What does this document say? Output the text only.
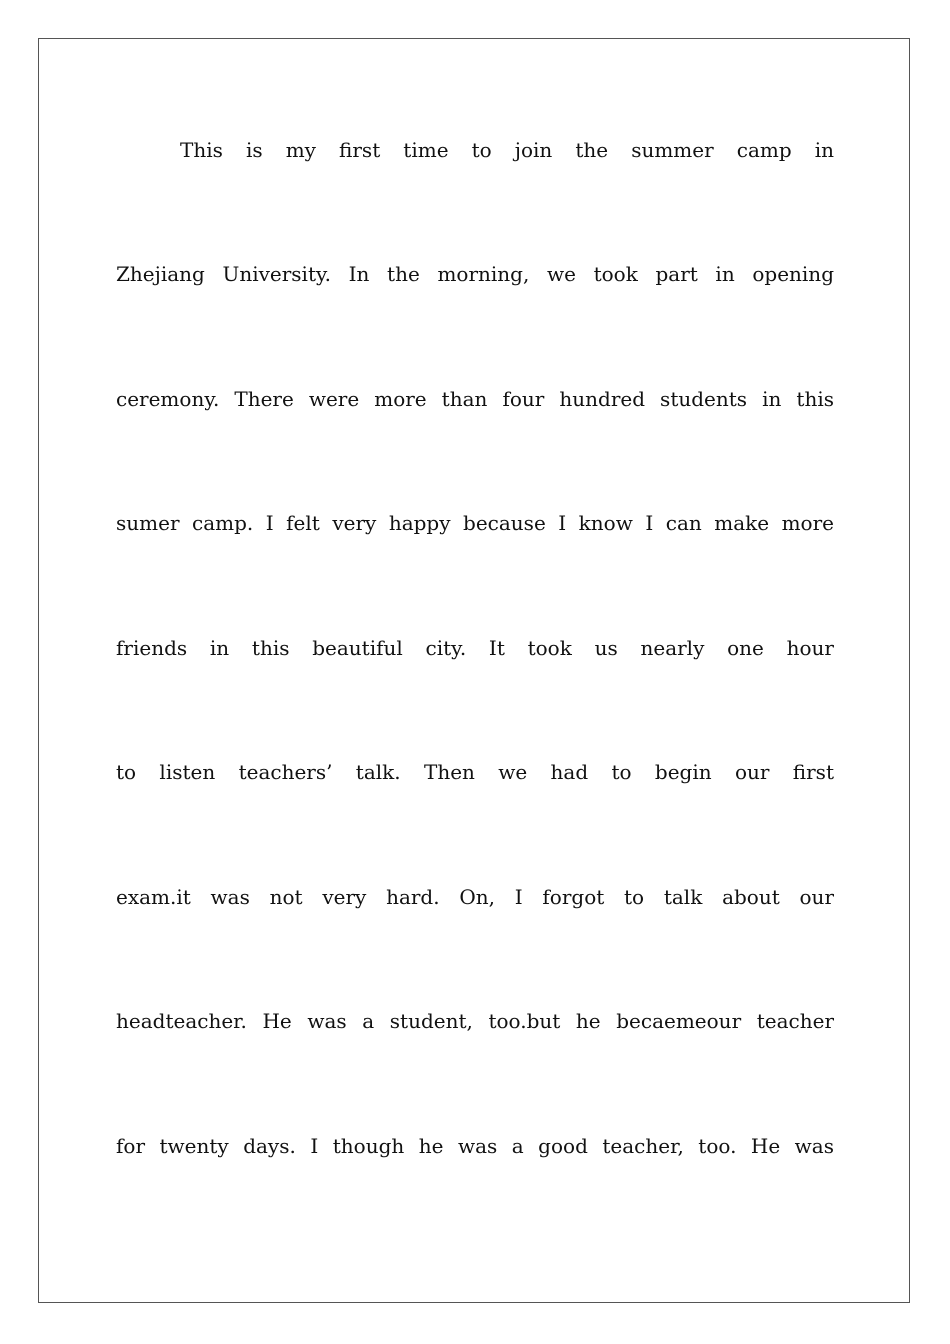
This is my first time to join the summer camp in
Zhejiang University. In the morning, we took part in opening
ceremony. There were more than four hundred students in this
sumer camp. I felt very happy because I know I can make more
friends in this beautiful city. It took us nearly one hour
to listen teachers’ talk. Then we had to begin our first
exam.it was not very hard. On, I forgot to talk about our
headteacher. He was a student, too.but he becaemeour teacher
for twenty days. I though he was a good teacher, too. He was
